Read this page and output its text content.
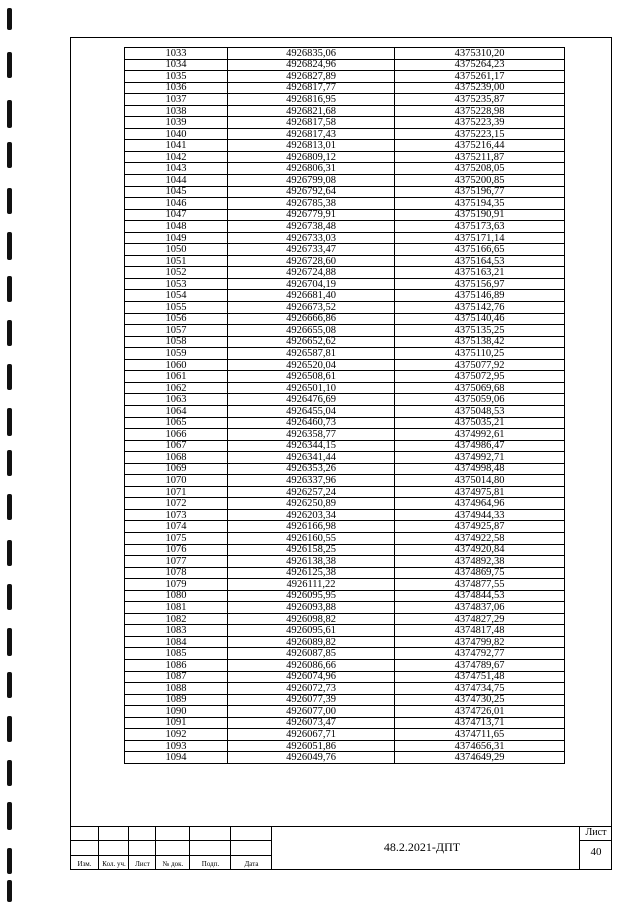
1033	4926835,06	4375310,20
1034	4926824,96	4375264,23
1035	4926827,89	4375261,17
1036	4926817,77	4375239,00
1037	4926816,95	4375235,87
1038	4926821,68	4375228,98
1039	4926817,58	4375223,39
1040	4926817,43	4375223,15
1041	4926813,01	4375216,44
1042	4926809,12	4375211,87
1043	4926806,31	4375208,05
1044	4926799,08	4375200,85
1045	4926792,64	4375196,77
1046	4926785,38	4375194,35
1047	4926779,91	4375190,91
1048	4926738,48	4375173,63
1049	4926733,03	4375171,14
1050	4926733,47	4375166,65
1051	4926728,60	4375164,53
1052	4926724,88	4375163,21
1053	4926704,19	4375156,97
1054	4926681,40	4375146,89
1055	4926673,52	4375142,76
1056	4926666,86	4375140,46
1057	4926655,08	4375135,25
1058	4926652,62	4375138,42
1059	4926587,81	4375110,25
1060	4926520,04	4375077,92
1061	4926508,61	4375072,95
1062	4926501,10	4375069,68
1063	4926476,69	4375059,06
1064	4926455,04	4375048,53
1065	4926460,73	4375035,21
1066	4926358,77	4374992,61
1067	4926344,15	4374986,47
1068	4926341,44	4374992,71
1069	4926353,26	4374998,48
1070	4926337,96	4375014,80
1071	4926257,24	4374975,81
1072	4926250,89	4374964,96
1073	4926203,34	4374944,33
1074	4926166,98	4374925,87
1075	4926160,55	4374922,58
1076	4926158,25	4374920,84
1077	4926138,38	4374892,38
1078	4926125,38	4374869,75
1079	4926111,22	4374877,55
1080	4926095,95	4374844,53
1081	4926093,88	4374837,06
1082	4926098,82	4374827,29
1083	4926095,61	4374817,48
1084	4926089,82	4374799,82
1085	4926087,85	4374792,77
1086	4926086,66	4374789,67
1087	4926074,96	4374751,48
1088	4926072,73	4374734,75
1089	4926077,39	4374730,25
1090	4926077,00	4374726,01
1091	4926073,47	4374713,71
1092	4926067,71	4374711,65
1093	4926051,86	4374656,31
1094	4926049,76	4374649,29
Изм.	Кол. уч.	Лист	№ док.	Подп.	Дата
48.2.2021-ДПТ
Лист
40
